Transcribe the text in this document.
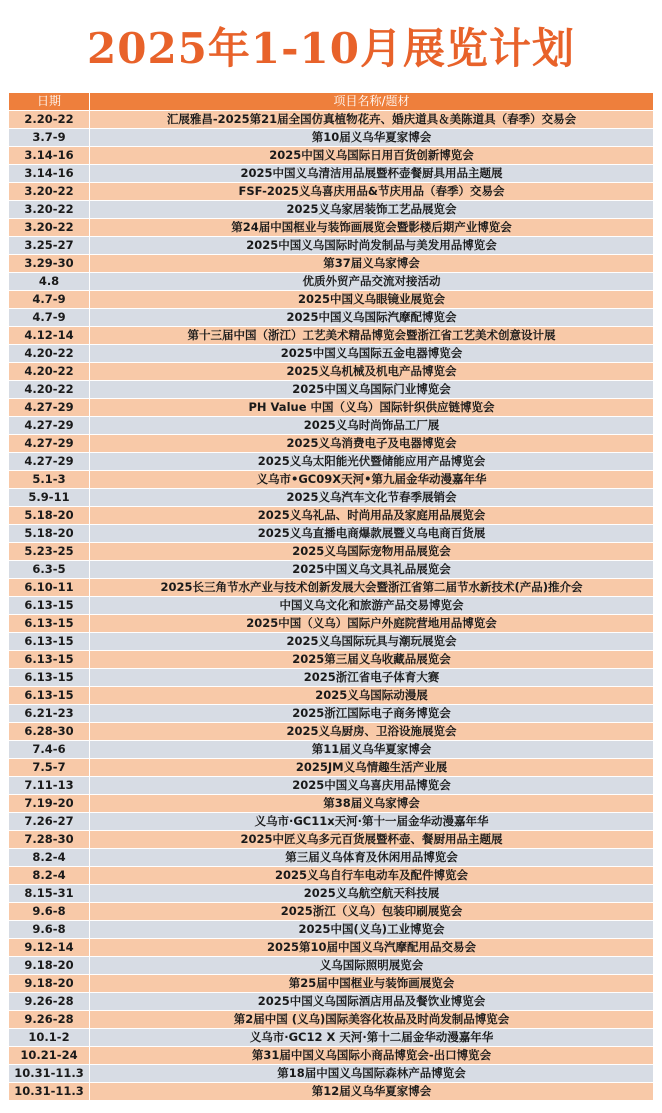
2025年1-10月展览计划
日期	项目名称/题材
2.20-22	汇展雅昌-2025第21届全国仿真植物花卉、婚庆道具＆美陈道具（春季）交易会
3.7-9	第10届义乌华夏家博会
3.14-16	2025中国义乌国际日用百货创新博览会
3.14-16	2025中国义乌清洁用品展暨杯壶餐厨具用品主题展
3.20-22	FSF-2025义乌喜庆用品&节庆用品（春季）交易会
3.20-22	2025义乌家居装饰工艺品展览会
3.20-22	第24届中国框业与装饰画展览会暨影楼后期产业博览会
3.25-27	2025中国义乌国际时尚发制品与美发用品博览会
3.29-30	第37届义乌家博会
4.8	优质外贸产品交流对接活动
4.7-9	2025中国义乌眼镜业展览会
4.7-9	2025中国义乌国际汽摩配博览会
4.12-14	第十三届中国（浙江）工艺美术精品博览会暨浙江省工艺美术创意设计展
4.20-22	2025中国义乌国际五金电器博览会
4.20-22	2025义乌机械及机电产品博览会
4.20-22	2025中国义乌国际门业博览会
4.27-29	PH Value 中国（义乌）国际针织供应链博览会
4.27-29	2025义乌时尚饰品工厂展
4.27-29	2025义乌消费电子及电器博览会
4.27-29	2025义乌太阳能光伏暨储能应用产品博览会
5.1-3	义乌市•GC09X天河•第九届金华动漫嘉年华
5.9-11	2025义乌汽车文化节春季展销会
5.18-20	2025义乌礼品、时尚用品及家庭用品展览会
5.18-20	2025义乌直播电商爆款展暨义乌电商百货展
5.23-25	2025义乌国际宠物用品展览会
6.3-5	2025中国义乌文具礼品展览会
6.10-11	2025长三角节水产业与技术创新发展大会暨浙江省第二届节水新技术(产品)推介会
6.13-15	中国义乌文化和旅游产品交易博览会
6.13-15	2025中国（义乌）国际户外庭院营地用品博览会
6.13-15	2025义乌国际玩具与潮玩展览会
6.13-15	2025第三届义乌收藏品展览会
6.13-15	2025浙江省电子体育大赛
6.13-15	2025义乌国际动漫展
6.21-23	2025浙江国际电子商务博览会
6.28-30	2025义乌厨房、卫浴设施展览会
7.4-6	第11届义乌华夏家博会
7.5-7	2025JM义乌情趣生活产业展
7.11-13	2025中国义乌喜庆用品博览会
7.19-20	第38届义乌家博会
7.26-27	义乌市·GC11x天河·第十一届金华动漫嘉年华
7.28-30	2025中匠义乌多元百货展暨杯壶、餐厨用品主题展
8.2-4	第三届义乌体育及休闲用品博览会
8.2-4	2025义乌自行车电动车及配件博览会
8.15-31	2025义乌航空航天科技展
9.6-8	2025浙江（义乌）包装印刷展览会
9.6-8	2025中国(义乌)工业博览会
9.12-14	2025第10届中国义乌汽摩配用品交易会
9.18-20	义乌国际照明展览会
9.18-20	第25届中国框业与装饰画展览会
9.26-28	2025中国义乌国际酒店用品及餐饮业博览会
9.26-28	第2届中国 (义乌)国际美容化妆品及时尚发制品博览会
10.1-2	义乌市·GC12 X 天河·第十二届金华动漫嘉年华
10.21-24	第31届中国义乌国际小商品博览会-出口博览会
10.31-11.3	第18届中国义乌国际森林产品博览会
10.31-11.3	第12届义乌华夏家博会
